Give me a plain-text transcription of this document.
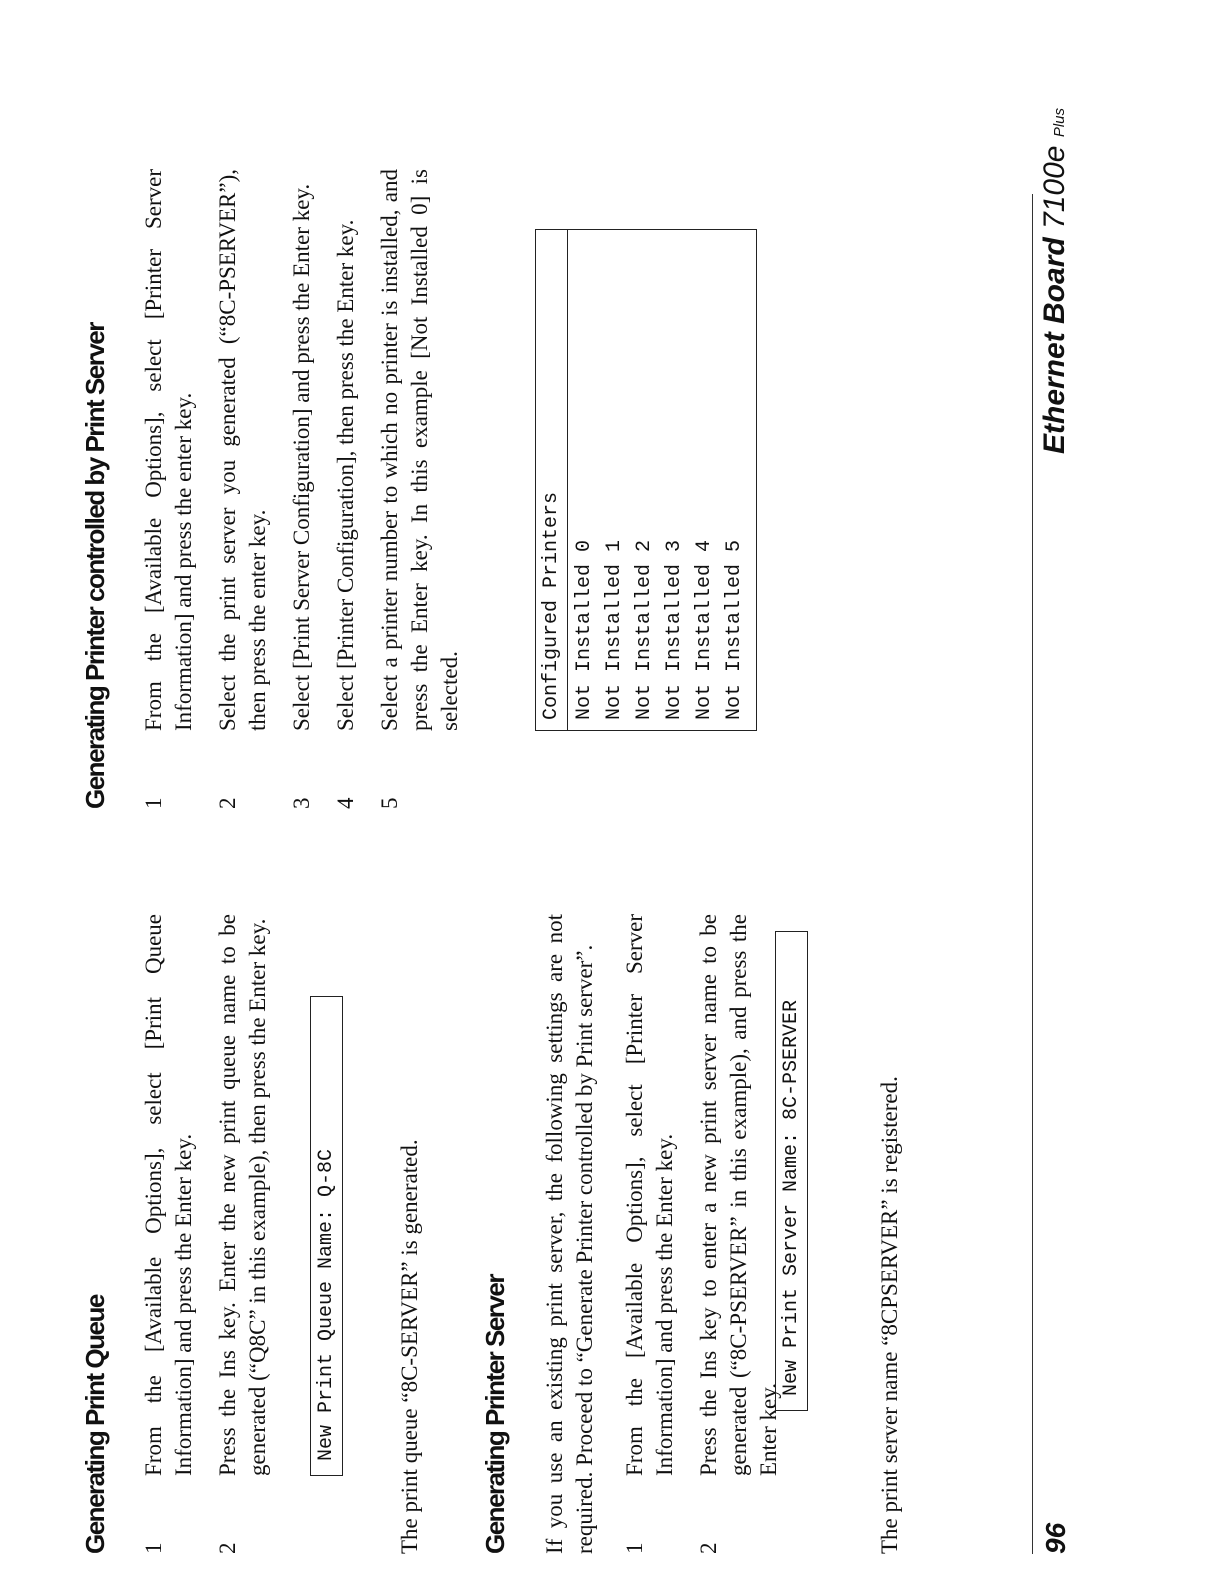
Generating Print Queue 1
From the [Available Options], select [Print Queue Information] and press the Enter key.
2
Press the Ins key. Enter the new print queue name to be generated (“Q8C” in this example), then press the Enter key. New Print Queue Name: Q-8C	The print queue “8C-SERVER” is generated. Generating Printer Server If you use an existing print server, the following settings are not required. Proceed to “Generate Printer controlled by Print server”. 1
From the [Available Options], select [Printer Server Information] and press the Enter key.
2
Press the Ins key to enter a new print server name to be generated (“8C-PSERVER” in this example), and press the Enter key.
New Print Server Name: 8C-PSERVER	The print server name “8CPSERVER” is registered.
Generating Printer controlled by Print Server 1
From the [Available Options], select [Printer Server Information] and press the enter key.
2
Select the print server you generated (“8C-PSERVER”), then press the enter key.
3
Select [Print Server Configuration] and press the Enter key.
4
Select [Printer Configuration], then press the Enter key.
5
Select a printer number to which no printer is installed, and press the Enter key. In this example [Not Installed 0] is selected.	Configured Printers Not Installed 0 Not Installed 1 Not Installed 2 Not Installed 3 Not Installed 4 Not Installed 5
96
Ethernet Board 7100e Plus
